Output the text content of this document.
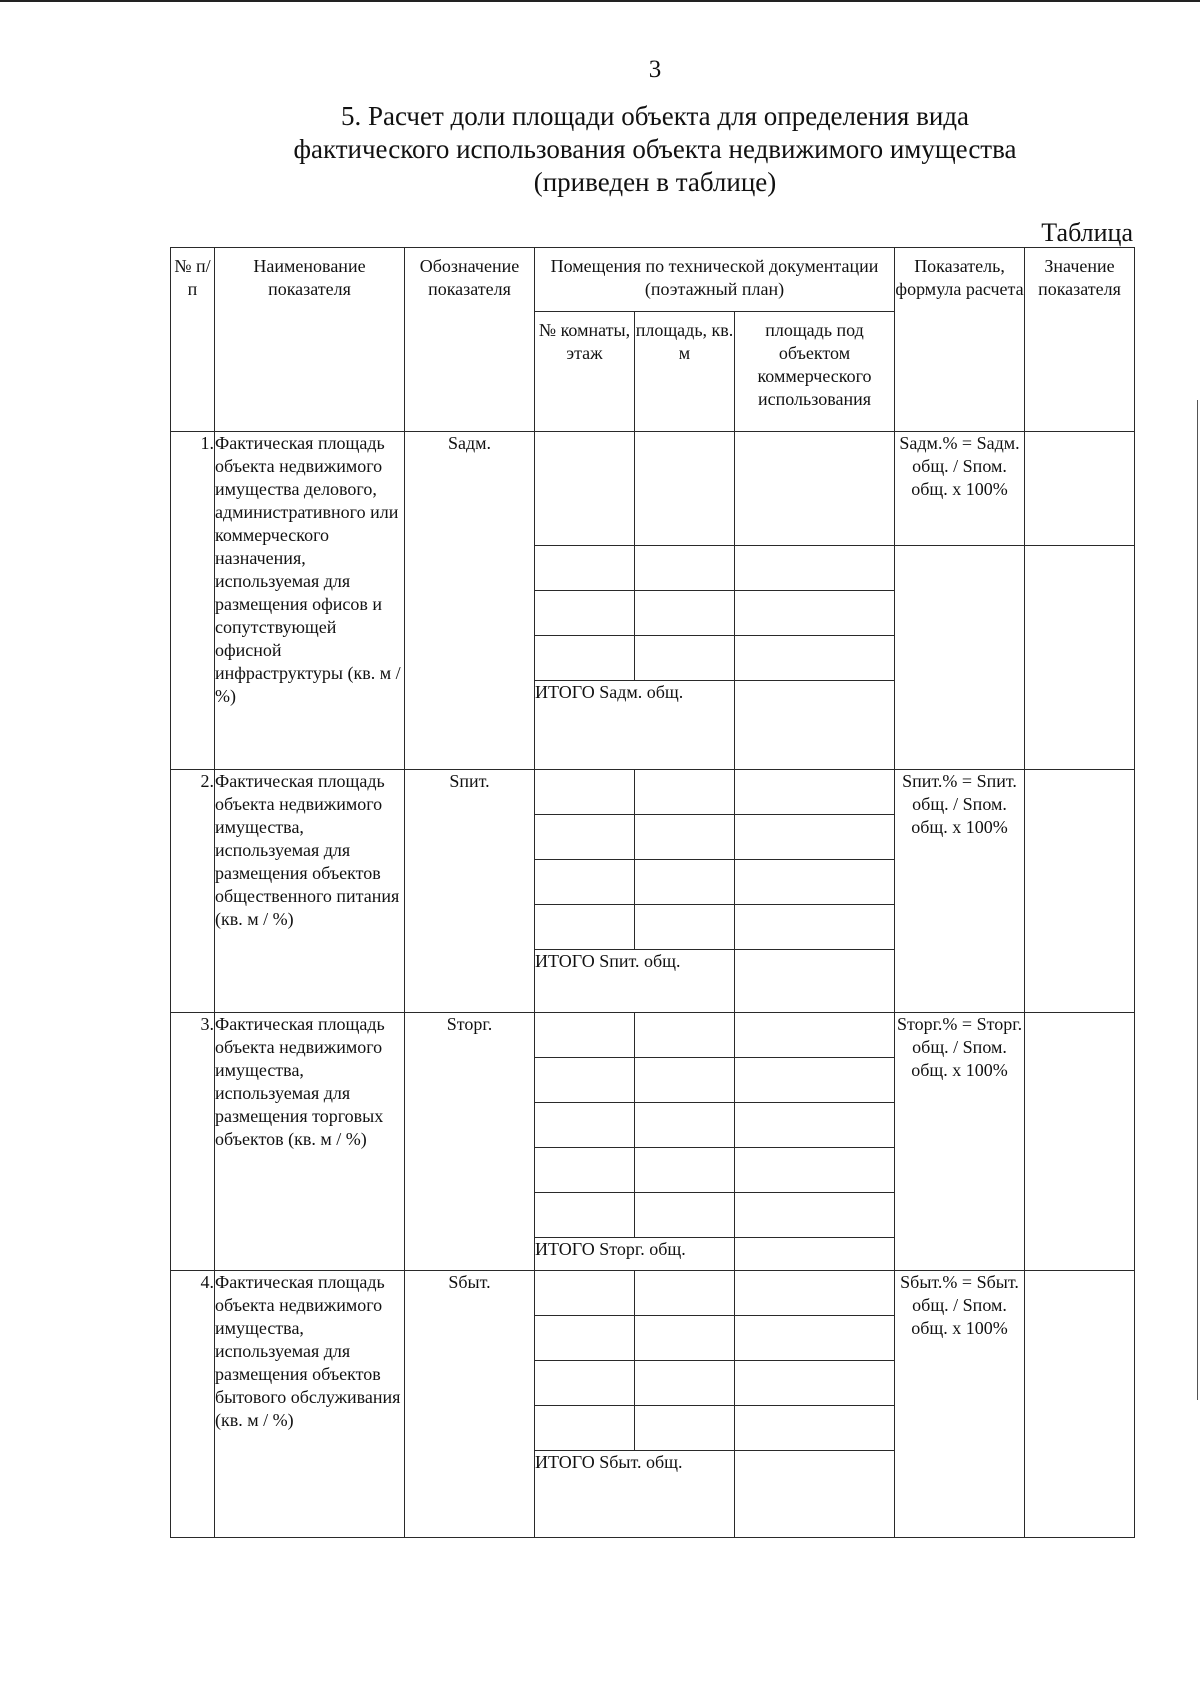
3
5. Расчет доли площади объекта для определения вида
фактического использования объекта недвижимого имущества
(приведен в таблице)
Таблица
№ п/п	Наименование показателя	Обозначение показателя	Помещения по технической документации (поэтажный план)			Показатель, формула расчета	Значение показателя
			№ комнаты, этаж	площадь, кв. м	площадь под объектом коммерческого использования		
1.	Фактическая площадь объекта недвижимого имущества делового, административного или коммерческого назначения, используемая для размещения офисов и сопутствующей офисной инфраструктуры (кв. м / %)	Sадм.				Sадм.% = Sадм. общ. / Sпом. общ. x 100%	

			ИТОГО Sадм. общ.				

2.	Фактическая площадь объекта недвижимого имущества, используемая для размещения объектов общественного питания (кв. м / %)	Sпит.				Sпит.% = Sпит. общ. / Sпом. общ. x 100%	

			ИТОГО Sпит. общ.				
3.	Фактическая площадь объекта недвижимого имущества, используемая для размещения торговых объектов (кв. м / %)	Sторг.				Sторг.% = Sторг. общ. / Sпом. общ. x 100%	

			ИТОГО Sторг. общ.				
4.	Фактическая площадь объекта недвижимого имущества, используемая для размещения объектов бытового обслуживания (кв. м / %)	Sбыт.				Sбыт.% = Sбыт. общ. / Sпом. общ. x 100%	

			ИТОГО Sбыт. общ.				
